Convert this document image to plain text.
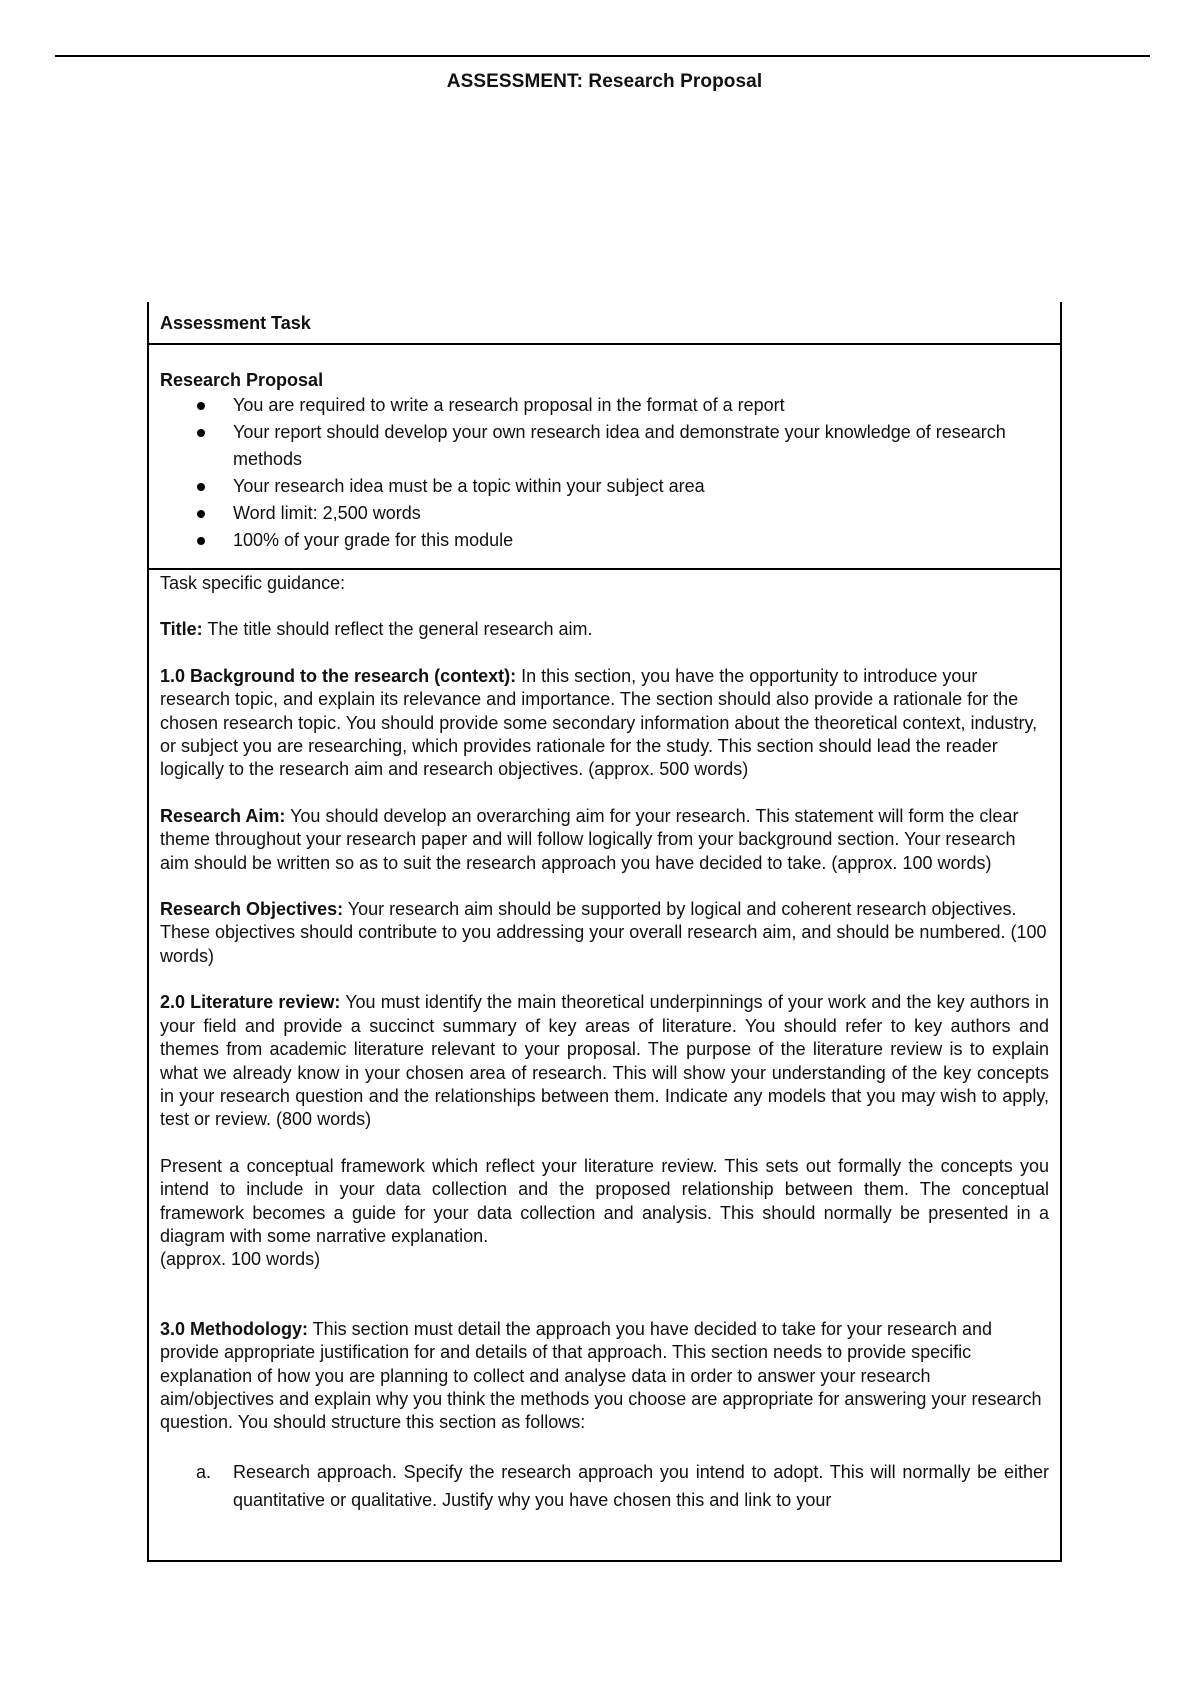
ASSESSMENT: Research Proposal
Assessment Task
Research Proposal
You are required to write a research proposal in the format of a report
Your report should develop your own research idea and demonstrate your knowledge of research methods
Your research idea must be a topic within your subject area
Word limit: 2,500 words
100% of your grade for this module

Task specific guidance:

Title: The title should reflect the general research aim.

1.0 Background to the research (context): In this section, you have the opportunity to introduce your research topic, and explain its relevance and importance. The section should also provide a rationale for the chosen research topic. You should provide some secondary information about the theoretical context, industry, or subject you are researching, which provides rationale for the study. This section should lead the reader logically to the research aim and research objectives. (approx. 500 words)

Research Aim: You should develop an overarching aim for your research. This statement will form the clear theme throughout your research paper and will follow logically from your background section. Your research aim should be written so as to suit the research approach you have decided to take. (approx. 100 words)

Research Objectives: Your research aim should be supported by logical and coherent research objectives. These objectives should contribute to you addressing your overall research aim, and should be numbered. (100 words)

2.0 Literature review: You must identify the main theoretical underpinnings of your work and the key authors in your field and provide a succinct summary of key areas of literature. You should refer to key authors and themes from academic literature relevant to your proposal. The purpose of the literature review is to explain what we already know in your chosen area of research. This will show your understanding of the key concepts in your research question and the relationships between them. Indicate any models that you may wish to apply, test or review. (800 words)

Present a conceptual framework which reflect your literature review. This sets out formally the concepts you intend to include in your data collection and the proposed relationship between them. The conceptual framework becomes a guide for your data collection and analysis. This should normally be presented in a diagram with some narrative explanation.

(approx. 100 words)

3.0 Methodology: This section must detail the approach you have decided to take for your research and provide appropriate justification for and details of that approach. This section needs to provide specific explanation of how you are planning to collect and analyse data in order to answer your research aim/objectives and explain why you think the methods you choose are appropriate for answering your research question. You should structure this section as follows:

a. Research approach. Specify the research approach you intend to adopt. This will normally be either quantitative or qualitative. Justify why you have chosen this and link to your
